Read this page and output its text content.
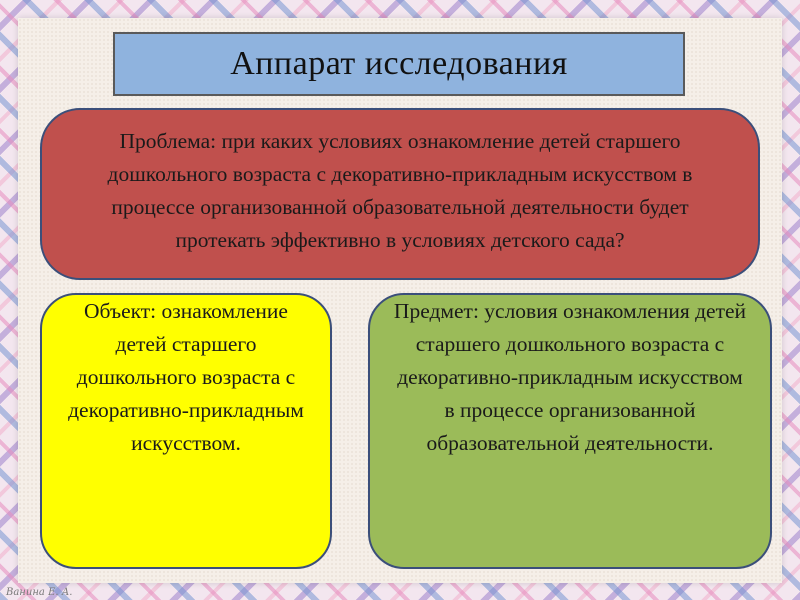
Аппарат исследования
Проблема: при каких условиях ознакомление детей старшего дошкольного возраста с декоративно-прикладным искусством в процессе организованной образовательной деятельности будет протекать эффективно в условиях детского сада?
Объект: ознакомление детей старшего дошкольного возраста с декоративно-прикладным искусством.
Предмет: условия ознакомления детей старшего дошкольного возраста с декоративно-прикладным искусством в процессе организованной образовательной деятельности.
Ванина Е. А.
